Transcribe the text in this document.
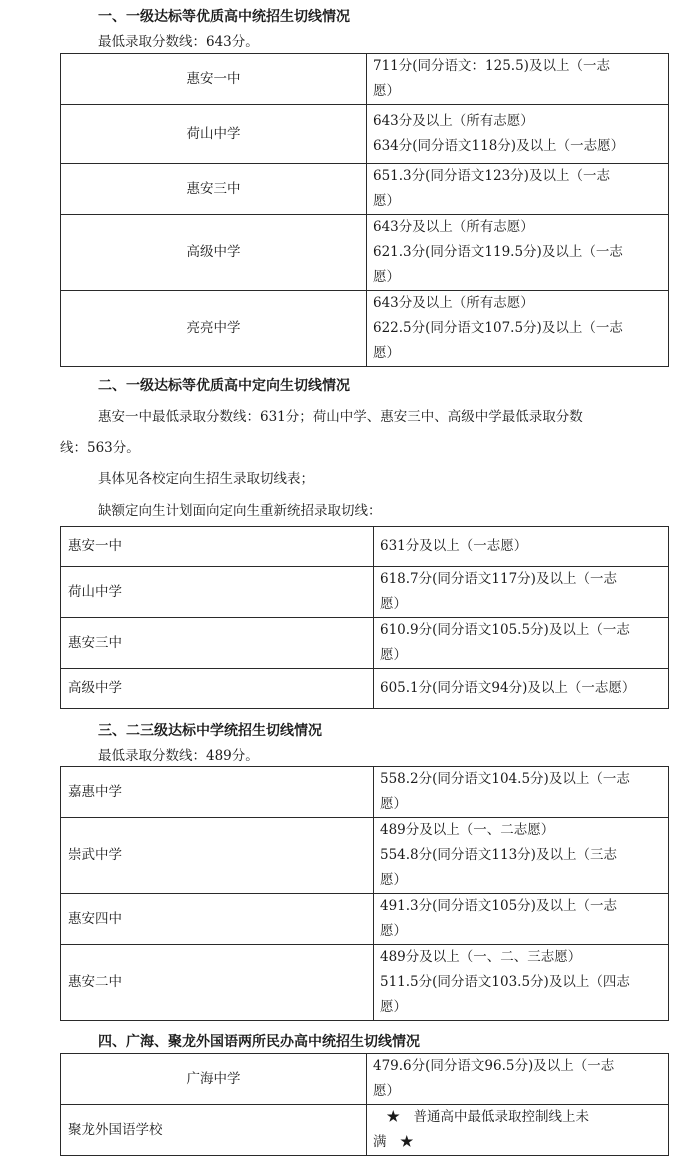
一、一级达标等优质高中统招生切线情况
最低录取分数线：643分。
惠安一中	711分(同分语文：125.5)及以上（一志
愿）

荷山中学	643分及以上（所有志愿）
634分(同分语文118分)及以上（一志愿）

惠安三中	651.3分(同分语文123分)及以上（一志
愿）

高级中学	643分及以上（所有志愿）
621.3分(同分语文119.5分)及以上（一志
愿）

亮亮中学	643分及以上（所有志愿）
622.5分(同分语文107.5分)及以上（一志
愿）
二、一级达标等优质高中定向生切线情况
惠安一中最低录取分数线：631分；荷山中学、惠安三中、高级中学最低录取分数
线：563分。
具体见各校定向生招生录取切线表；
缺额定向生计划面向定向生重新统招录取切线：
惠安一中	631分及以上（一志愿）

荷山中学	618.7分(同分语文117分)及以上（一志
愿）

惠安三中	610.9分(同分语文105.5分)及以上（一志
愿）

高级中学	605.1分(同分语文94分)及以上（一志愿）
三、二三级达标中学统招生切线情况
最低录取分数线：489分。
嘉惠中学	558.2分(同分语文104.5分)及以上（一志
愿）

崇武中学	489分及以上（一、二志愿）
554.8分(同分语文113分)及以上（三志
愿）

惠安四中	491.3分(同分语文105分)及以上（一志
愿）

惠安二中	489分及以上（一、二、三志愿）
511.5分(同分语文103.5分)及以上（四志
愿）
四、广海、聚龙外国语两所民办高中统招生切线情况
广海中学	479.6分(同分语文96.5分)及以上（一志
愿）

聚龙外国语学校	　★　普通高中最低录取控制线上未
满　★
